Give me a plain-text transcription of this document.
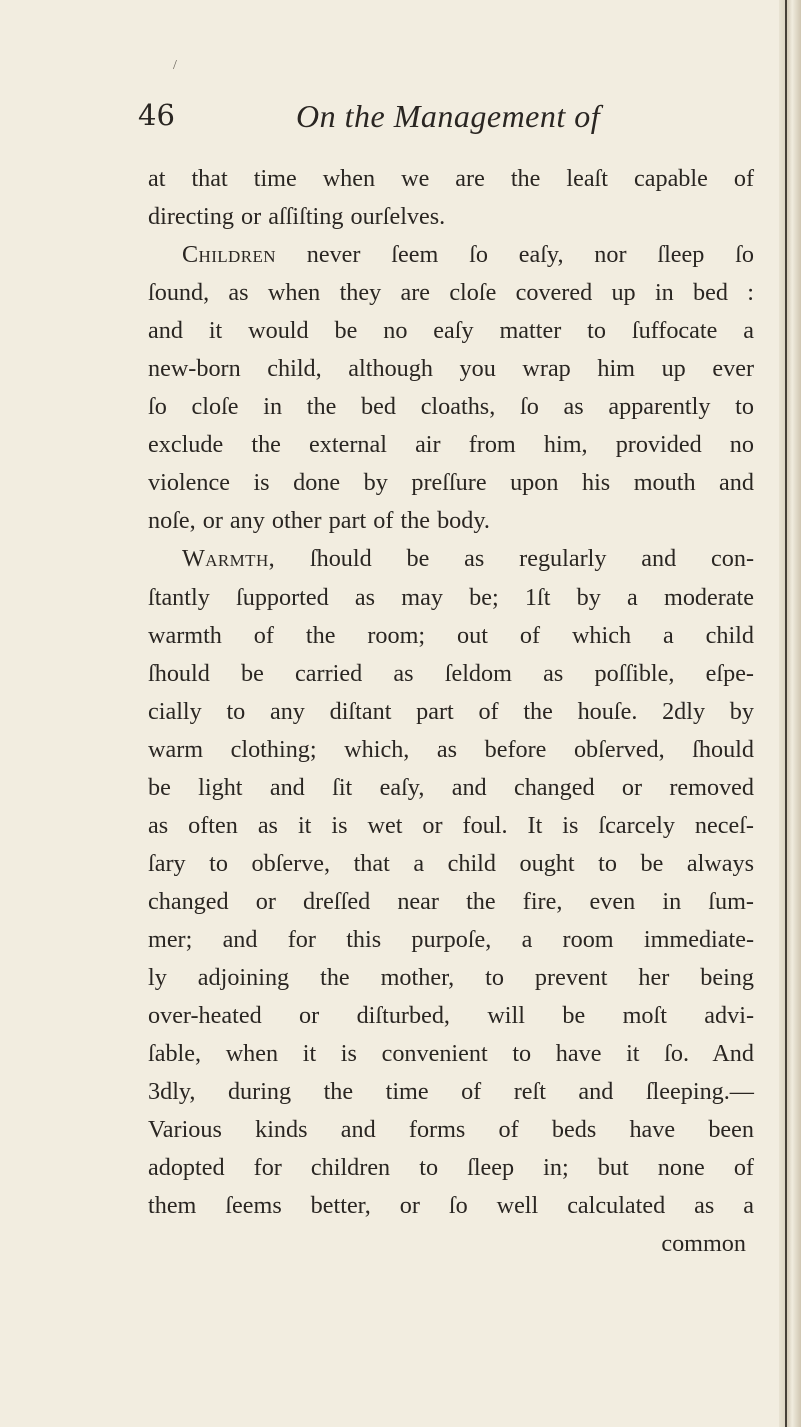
/
46	On the Management of
at that time when we are the leaſt capable of
directing or aſſiſting ourſelves.
Children never ſeem ſo eaſy, nor ſleep ſo
ſound, as when they are cloſe covered up in bed :
and it would be no eaſy matter to ſuffocate a
new-born child, although you wrap him up ever
ſo cloſe in the bed cloaths, ſo as apparently to
exclude the external air from him, provided no
violence is done by preſſure upon his mouth and
noſe, or any other part of the body.
Warmth, ſhould be as regularly and con-
ſtantly ſupported as may be; 1ſt by a moderate
warmth of the room; out of which a child
ſhould be carried as ſeldom as poſſible, eſpe-
cially to any diſtant part of the houſe. 2dly by
warm clothing; which, as before obſerved, ſhould
be light and ſit eaſy, and changed or removed
as often as it is wet or foul. It is ſcarcely neceſ-
ſary to obſerve, that a child ought to be always
changed or dreſſed near the fire, even in ſum-
mer; and for this purpoſe, a room immediate-
ly adjoining the mother, to prevent her being
over-heated or diſturbed, will be moſt advi-
ſable, when it is convenient to have it ſo. And
3dly, during the time of reſt and ſleeping.—
Various kinds and forms of beds have been
adopted for children to ſleep in; but none of
them ſeems better, or ſo well calculated as a
common
